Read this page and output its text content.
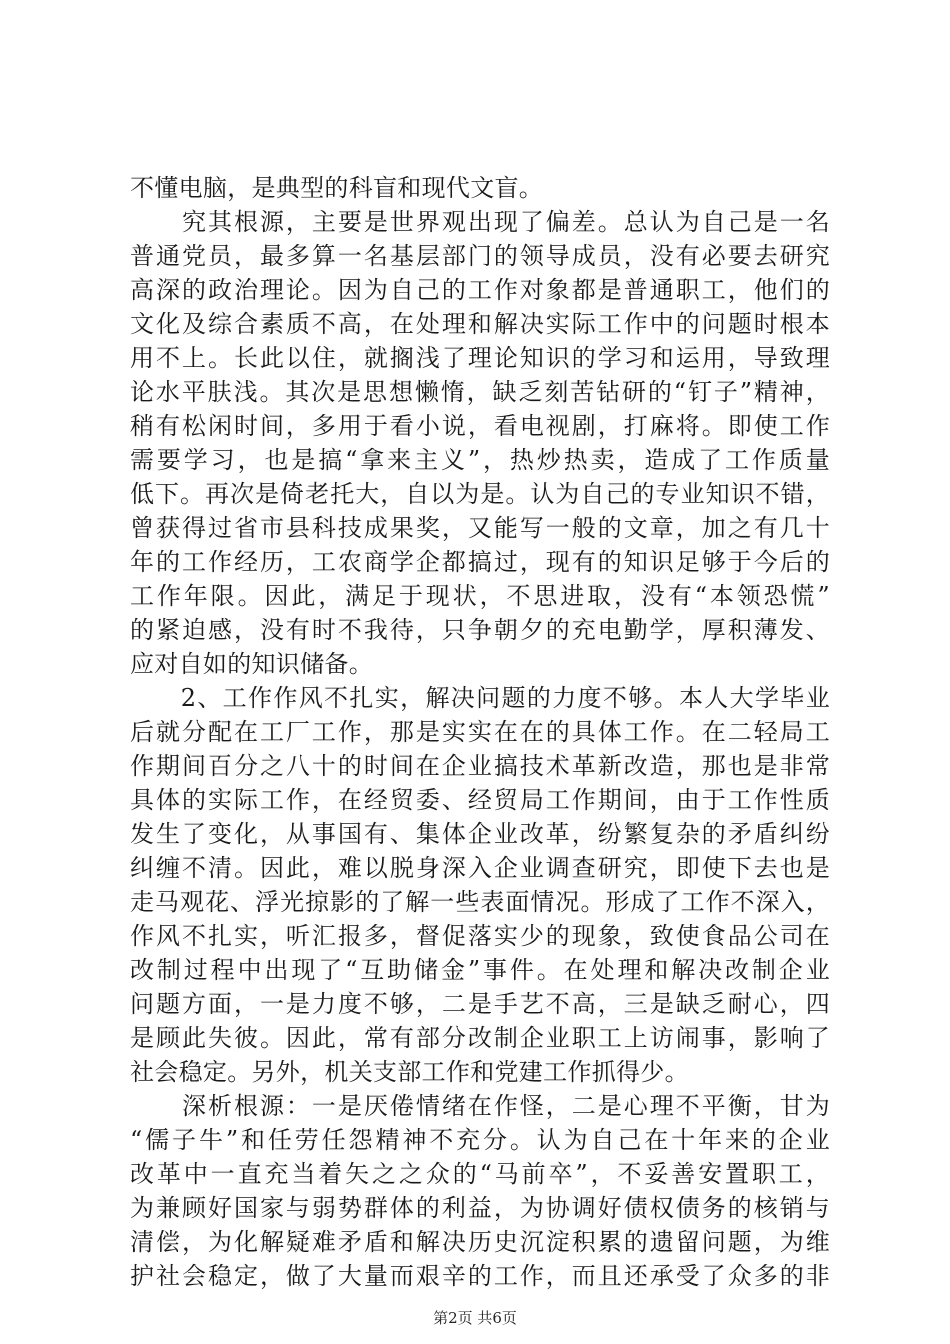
不懂电脑，是典型的科盲和现代文盲。
　　究其根源，主要是世界观出现了偏差。总认为自己是一名
普通党员，最多算一名基层部门的领导成员，没有必要去研究
高深的政治理论。因为自己的工作对象都是普通职工，他们的
文化及综合素质不高，在处理和解决实际工作中的问题时根本
用不上。长此以住，就搁浅了理论知识的学习和运用，导致理
论水平肤浅。其次是思想懒惰，缺乏刻苦钻研的“钉子”精神，
稍有松闲时间，多用于看小说，看电视剧，打麻将。即使工作
需要学习，也是搞“拿来主义”，热炒热卖，造成了工作质量
低下。再次是倚老托大，自以为是。认为自己的专业知识不错，
曾获得过省市县科技成果奖，又能写一般的文章，加之有几十
年的工作经历，工农商学企都搞过，现有的知识足够于今后的
工作年限。因此，满足于现状，不思进取，没有“本领恐慌”
的紧迫感，没有时不我待，只争朝夕的充电勤学，厚积薄发、
应对自如的知识储备。
　　2、工作作风不扎实，解决问题的力度不够。本人大学毕业
后就分配在工厂工作，那是实实在在的具体工作。在二轻局工
作期间百分之八十的时间在企业搞技术革新改造，那也是非常
具体的实际工作，在经贸委、经贸局工作期间，由于工作性质
发生了变化，从事国有、集体企业改革，纷繁复杂的矛盾纠纷
纠缠不清。因此，难以脱身深入企业调查研究，即使下去也是
走马观花、浮光掠影的了解一些表面情况。形成了工作不深入，
作风不扎实，听汇报多，督促落实少的现象，致使食品公司在
改制过程中出现了“互助储金”事件。在处理和解决改制企业
问题方面，一是力度不够，二是手艺不高，三是缺乏耐心，四
是顾此失彼。因此，常有部分改制企业职工上访闹事，影响了
社会稳定。另外，机关支部工作和党建工作抓得少。
　　深析根源：一是厌倦情绪在作怪，二是心理不平衡，甘为
“儒子牛”和任劳任怨精神不充分。认为自己在十年来的企业
改革中一直充当着矢之之众的“马前卒”，不妥善安置职工，
为兼顾好国家与弱势群体的利益，为协调好债权债务的核销与
清偿，为化解疑难矛盾和解决历史沉淀积累的遗留问题，为维
护社会稳定，做了大量而艰辛的工作，而且还承受了众多的非
第2页 共6页
